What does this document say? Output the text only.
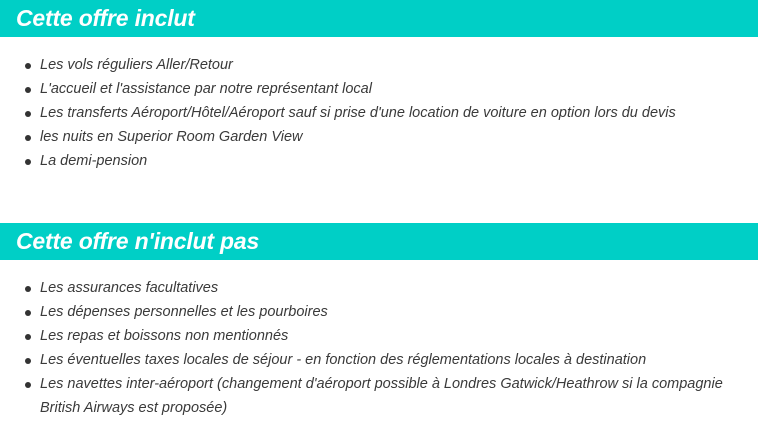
Cette offre inclut
Les vols réguliers Aller/Retour
L'accueil et l'assistance par notre représentant local
Les transferts Aéroport/Hôtel/Aéroport sauf si prise d'une location de voiture en option lors du devis
les nuits en Superior Room Garden View
La demi-pension
Cette offre n'inclut pas
Les assurances facultatives
Les dépenses personnelles et les pourboires
Les repas et boissons non mentionnés
Les éventuelles taxes locales de séjour - en fonction des réglementations locales à destination
Les navettes inter-aéroport (changement d'aéroport possible à Londres Gatwick/Heathrow si la compagnie British Airways est proposée)
